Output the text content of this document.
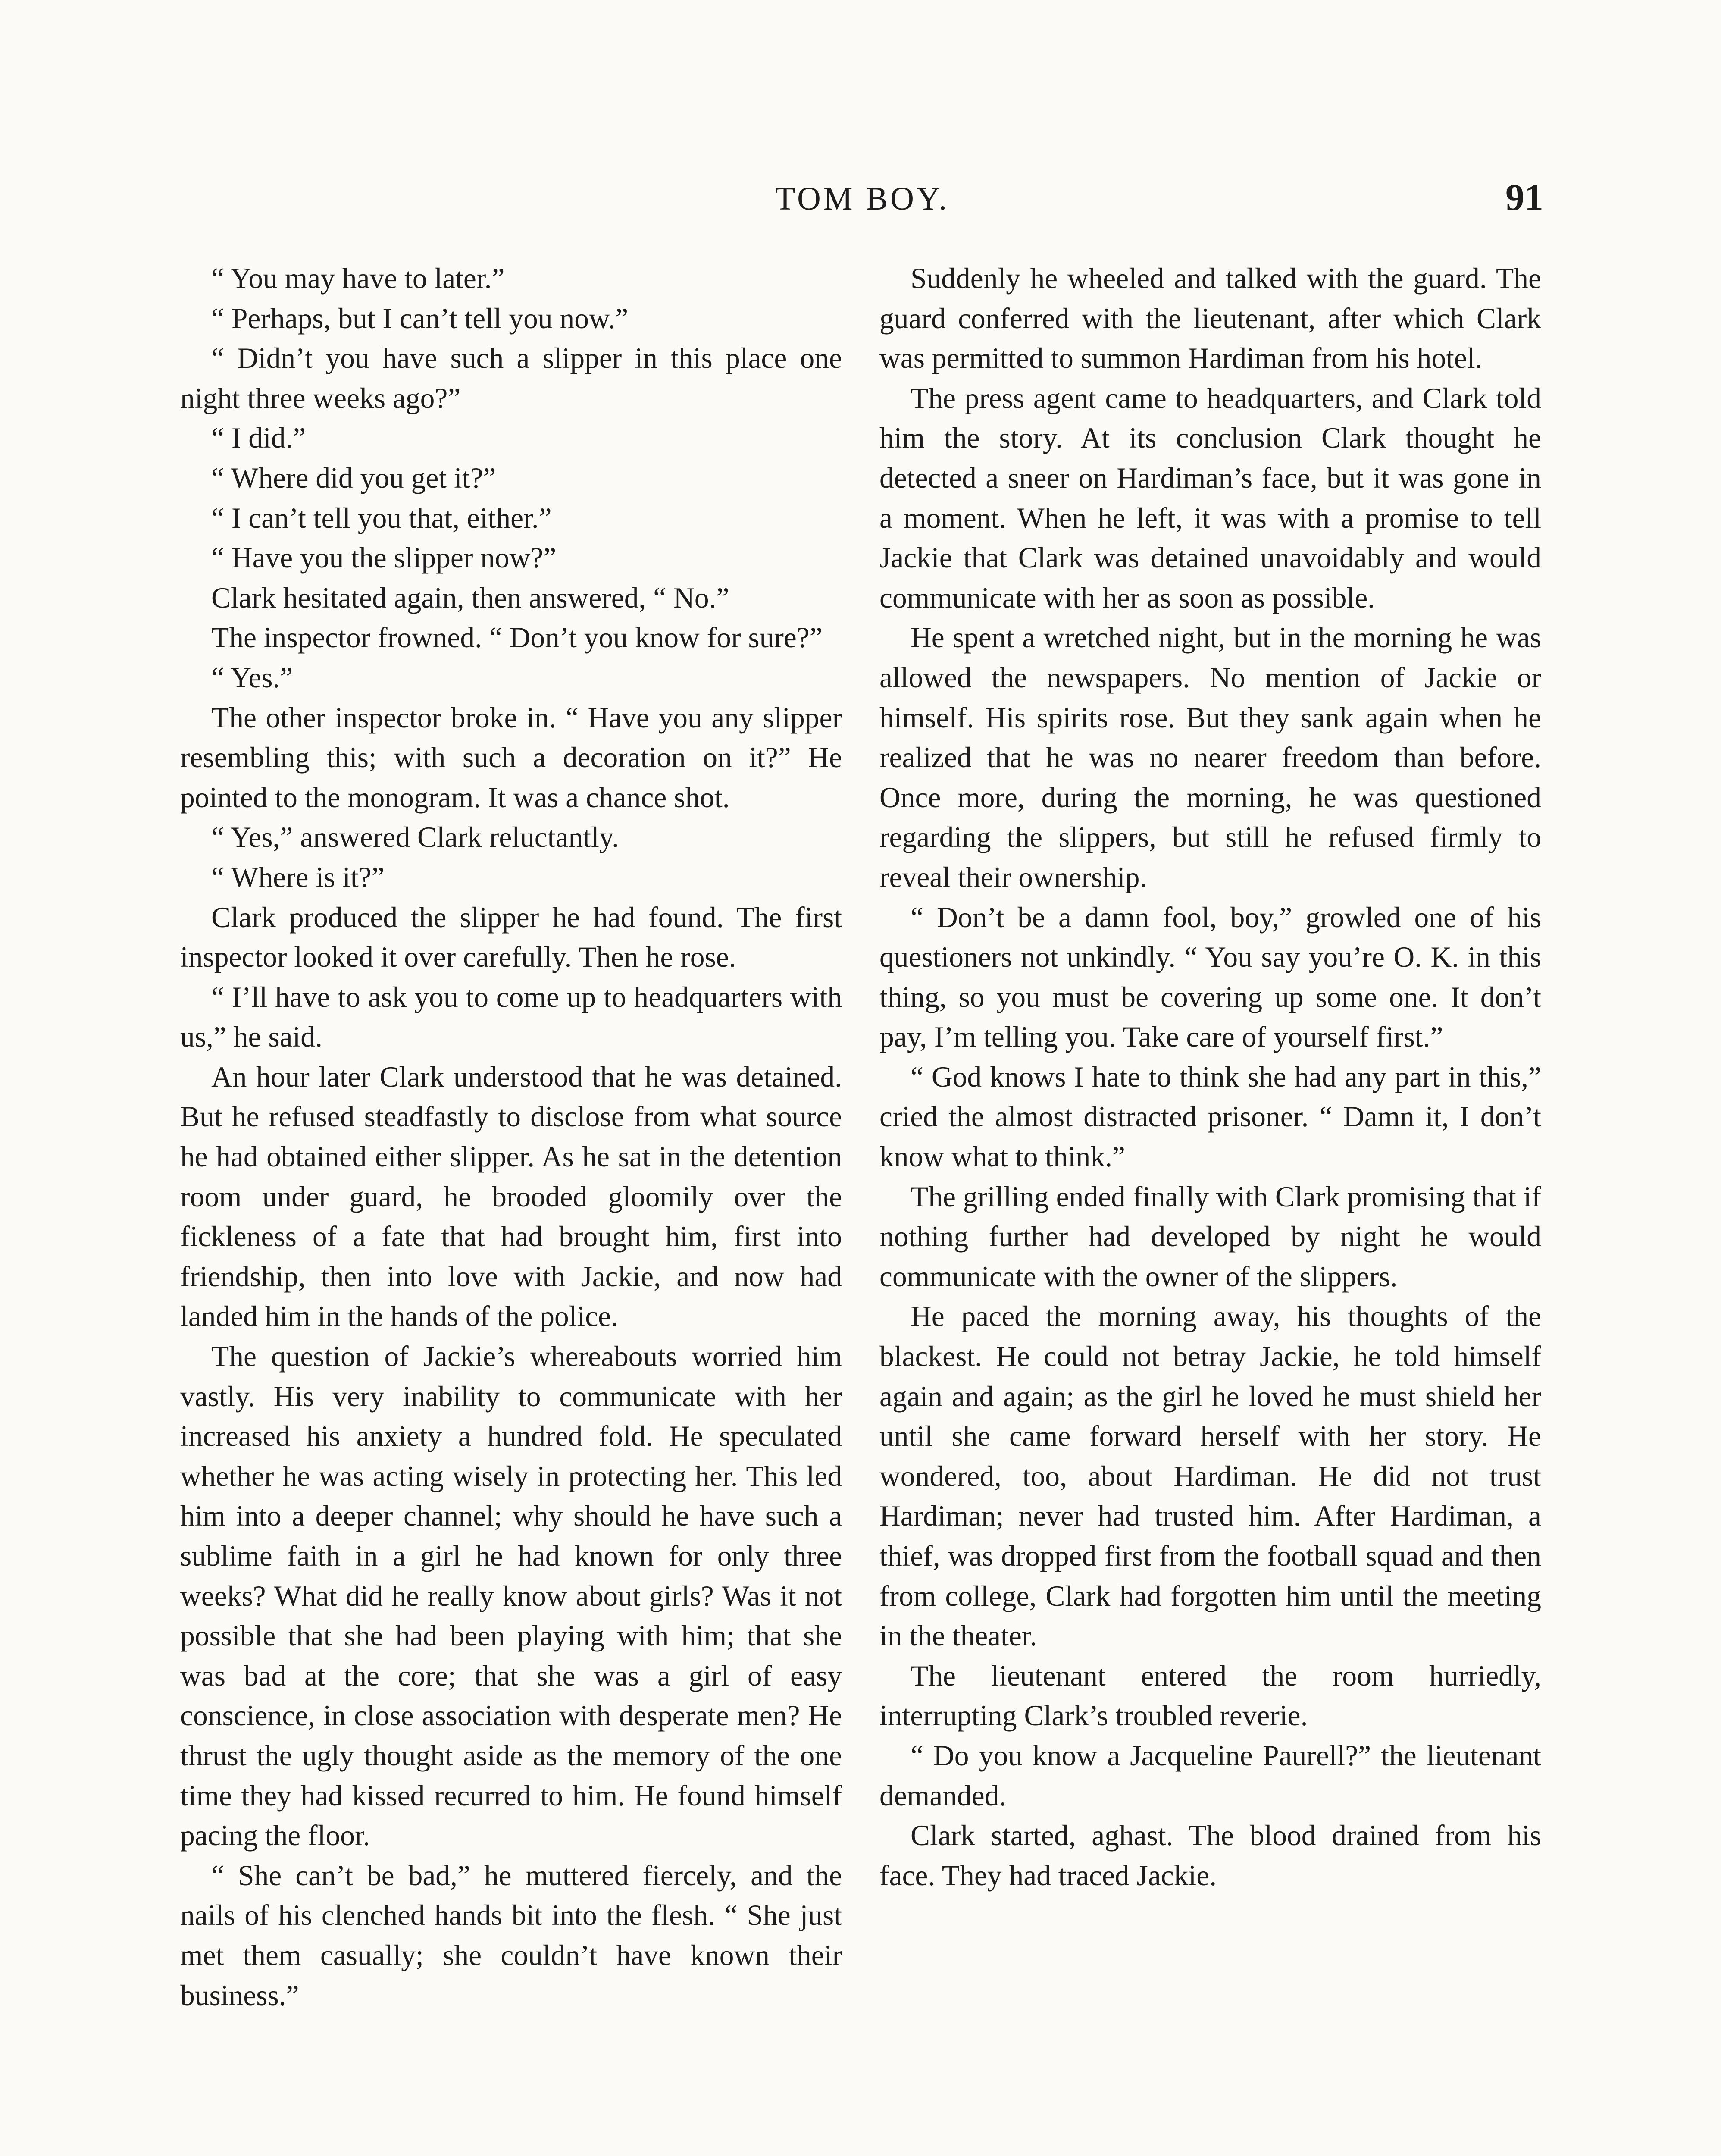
TOM BOY.	91

“ You may have to later.”

“ Perhaps, but I can’t tell you now.”

“ Didn’t you have such a slipper in this place one night three weeks ago?”

“ I did.”

“ Where did you get it?”

“ I can’t tell you that, either.”

“ Have you the slipper now?”

Clark hesitated again, then answered, “ No.”

The inspector frowned. “ Don’t you know for sure?”

“ Yes.”

The other inspector broke in. “ Have you any slipper resembling this; with such a decoration on it?” He pointed to the monogram. It was a chance shot.

“ Yes,” answered Clark reluctantly.

“ Where is it?”

Clark produced the slipper he had found. The first inspector looked it over carefully. Then he rose.

“ I’ll have to ask you to come up to headquarters with us,” he said.

An hour later Clark understood that he was detained. But he refused steadfastly to disclose from what source he had obtained either slipper. As he sat in the detention room under guard, he brooded gloomily over the fickleness of a fate that had brought him, first into friendship, then into love with Jackie, and now had landed him in the hands of the police.

The question of Jackie’s whereabouts worried him vastly. His very inability to communicate with her increased his anxiety a hundred fold. He speculated whether he was acting wisely in protecting her. This led him into a deeper channel; why should he have such a sublime faith in a girl he had known for only three weeks? What did he really know about girls? Was it not possible that she had been playing with him; that she was bad at the core; that she was a girl of easy conscience, in close association with desperate men? He thrust the ugly thought aside as the memory of the one time they had kissed recurred to him. He found himself pacing the floor.

“ She can’t be bad,” he muttered fiercely, and the nails of his clenched hands bit into the flesh. “ She just met them casually; she couldn’t have known their business.”

Suddenly he wheeled and talked with the guard. The guard conferred with the lieutenant, after which Clark was permitted to summon Hardiman from his hotel.

The press agent came to headquarters, and Clark told him the story. At its conclusion Clark thought he detected a sneer on Hardiman’s face, but it was gone in a moment. When he left, it was with a promise to tell Jackie that Clark was detained unavoidably and would communicate with her as soon as possible.

He spent a wretched night, but in the morning he was allowed the newspapers. No mention of Jackie or himself. His spirits rose. But they sank again when he realized that he was no nearer freedom than before. Once more, during the morning, he was questioned regarding the slippers, but still he refused firmly to reveal their ownership.

“ Don’t be a damn fool, boy,” growled one of his questioners not unkindly. “ You say you’re O. K. in this thing, so you must be covering up some one. It don’t pay, I’m telling you. Take care of yourself first.”

“ God knows I hate to think she had any part in this,” cried the almost distracted prisoner. “ Damn it, I don’t know what to think.”

The grilling ended finally with Clark promising that if nothing further had developed by night he would communicate with the owner of the slippers.

He paced the morning away, his thoughts of the blackest. He could not betray Jackie, he told himself again and again; as the girl he loved he must shield her until she came forward herself with her story. He wondered, too, about Hardiman. He did not trust Hardiman; never had trusted him. After Hardiman, a thief, was dropped first from the football squad and then from college, Clark had forgotten him until the meeting in the theater.

The lieutenant entered the room hurriedly, interrupting Clark’s troubled reverie.

“ Do you know a Jacqueline Paurell?” the lieutenant demanded.

Clark started, aghast. The blood drained from his face. They had traced Jackie.
